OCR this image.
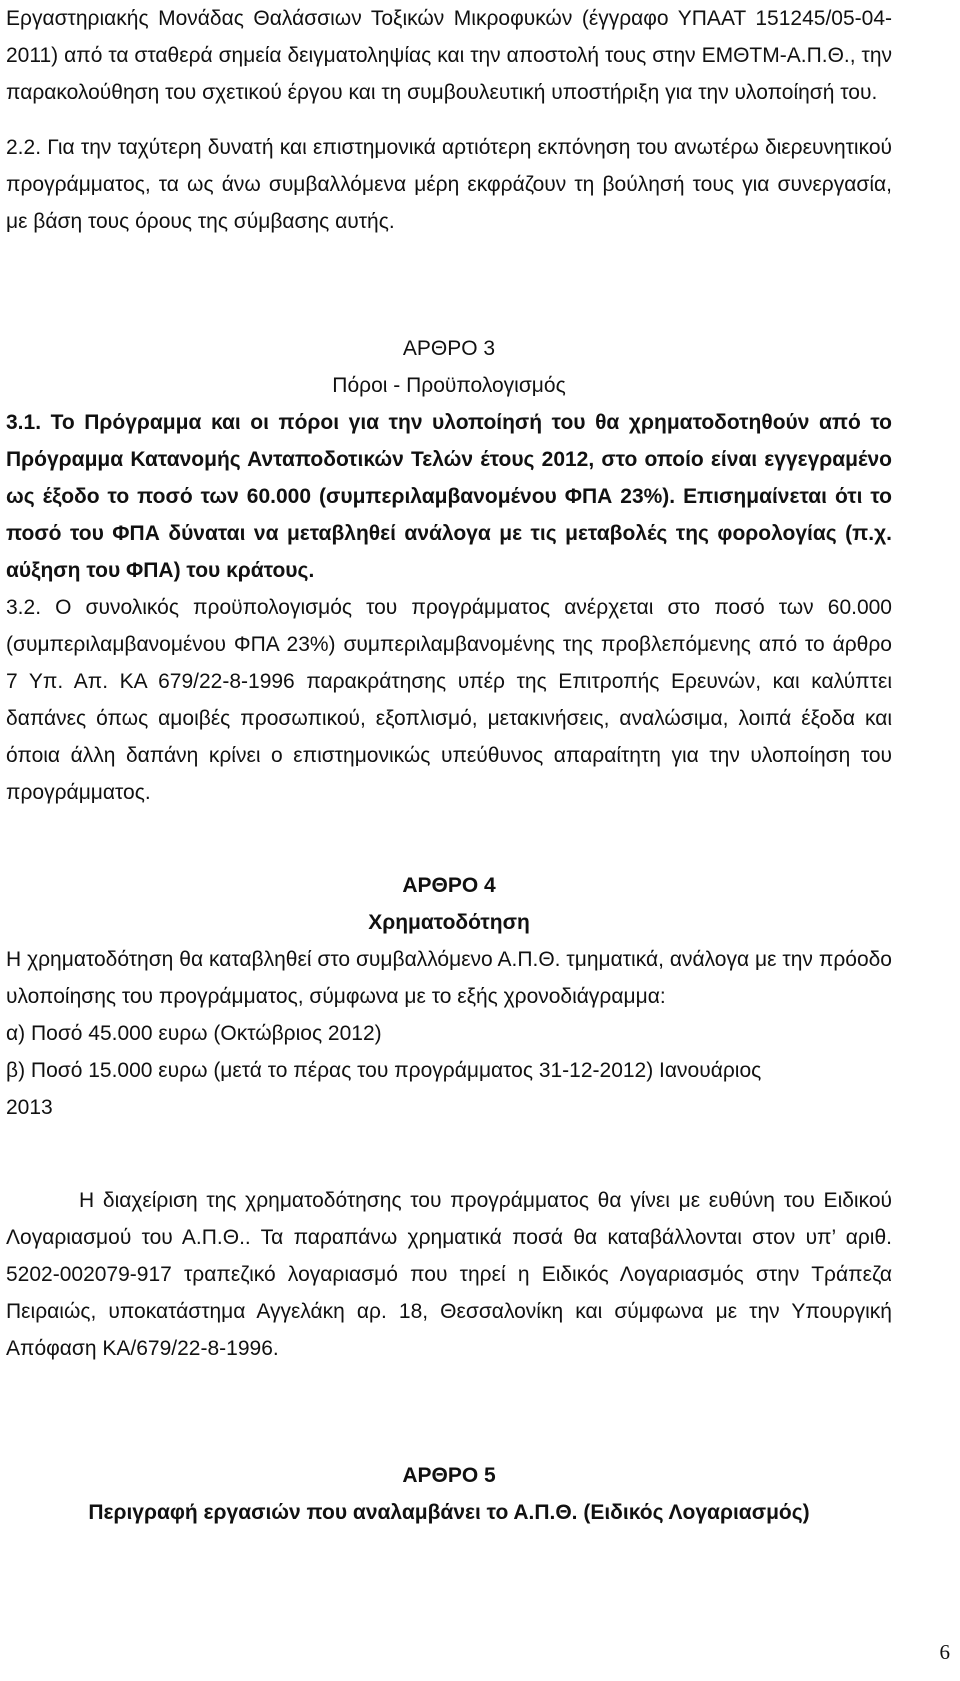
Εργαστηριακής Μονάδας Θαλάσσιων Τοξικών Μικροφυκών (έγγραφο ΥΠΑΑΤ 151245/05-04-2011) από τα σταθερά σημεία δειγματοληψίας και την αποστολή τους στην ΕΜΘΤΜ-Α.Π.Θ., την παρακολούθηση του σχετικού έργου και τη συμβουλευτική υποστήριξη για την υλοποίησή του.

2.2. Για την ταχύτερη δυνατή και επιστημονικά αρτιότερη εκπόνηση του ανωτέρω διερευνητικού προγράμματος, τα ως άνω συμβαλλόμενα μέρη εκφράζουν τη βούλησή τους για συνεργασία, με βάση τους όρους της σύμβασης αυτής.

ΑΡΘΡΟ 3

Πόροι - Προϋπολογισμός

3.1. Το Πρόγραμμα και οι πόροι για την υλοποίησή του θα χρηματοδοτηθούν από το Πρόγραμμα Κατανομής Ανταποδοτικών Τελών έτους 2012, στο οποίο είναι εγγεγραμένο ως έξοδο το ποσό των 60.000 (συμπεριλαμβανομένου ΦΠΑ 23%). Επισημαίνεται ότι το ποσό του ΦΠΑ δύναται να μεταβληθεί ανάλογα με τις μεταβολές της φορολογίας (π.χ. αύξηση του ΦΠΑ) του κράτους.

3.2. Ο συνολικός προϋπολογισμός του προγράμματος ανέρχεται στο ποσό των 60.000 (συμπεριλαμβανομένου ΦΠΑ 23%) συμπεριλαμβανομένης της προβλεπόμενης από το άρθρο 7 Υπ. Απ. ΚΑ 679/22-8-1996 παρακράτησης υπέρ της Επιτροπής Ερευνών, και καλύπτει δαπάνες όπως αμοιβές προσωπικού, εξοπλισμό, μετακινήσεις, αναλώσιμα, λοιπά έξοδα και όποια άλλη δαπάνη κρίνει ο επιστημονικώς υπεύθυνος απαραίτητη για την υλοποίηση του προγράμματος.

ΑΡΘΡΟ 4

Χρηματοδότηση

Η χρηματοδότηση θα καταβληθεί στο συμβαλλόμενο Α.Π.Θ. τμηματικά, ανάλογα με την πρόοδο υλοποίησης του προγράμματος, σύμφωνα με το εξής χρονοδιάγραμμα:

α) Ποσό 45.000 ευρω (Οκτώβριος 2012)
β) Ποσό 15.000 ευρω (μετά το πέρας του προγράμματος 31-12-2012) Ιανουάριος
2013

Η διαχείριση της χρηματοδότησης του προγράμματος θα γίνει με ευθύνη του Ειδικού Λογαριασμού του Α.Π.Θ.. Τα παραπάνω χρηματικά ποσά θα καταβάλλονται στον υπ’ αριθ. 5202-002079-917 τραπεζικό λογαριασμό που τηρεί η Ειδικός Λογαριασμός στην Τράπεζα Πειραιώς, υποκατάστημα Αγγελάκη αρ. 18, Θεσσαλονίκη και σύμφωνα με την Υπουργική Απόφαση ΚΑ/679/22-8-1996.

ΑΡΘΡΟ 5

Περιγραφή εργασιών που αναλαμβάνει το Α.Π.Θ. (Ειδικός Λογαριασμός)

6
